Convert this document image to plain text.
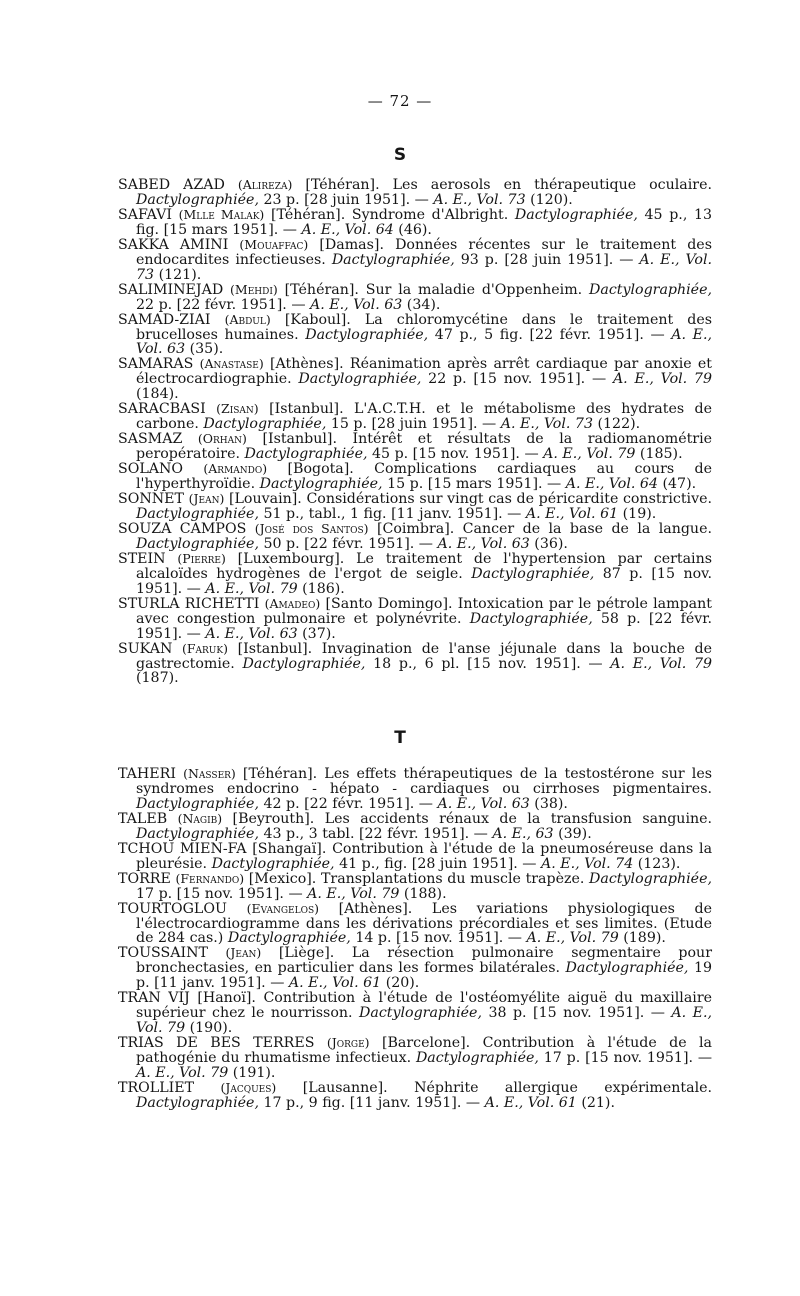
— 72 —
S
SABED AZAD (Alireza) [Téhéran]. Les aerosols en thérapeutique oculaire. Dactylographiée, 23 p. [28 juin 1951]. — A. E., Vol. 73 (120).
SAFAVI (Mlle Malak) [Téhéran]. Syndrome d'Albright. Dactylographiée, 45 p., 13 fig. [15 mars 1951]. — A. E., Vol. 64 (46).
SAKKA AMINI (Mouaffac) [Damas]. Données récentes sur le traitement des endocardites infectieuses. Dactylographiée, 93 p. [28 juin 1951]. — A. E., Vol. 73 (121).
SALIMINEJAD (Mehdi) [Téhéran]. Sur la maladie d'Oppenheim. Dactylographiée, 22 p. [22 févr. 1951]. — A. E., Vol. 63 (34).
SAMAD-ZIAI (Abdul) [Kaboul]. La chloromycétine dans le traitement des brucelloses humaines. Dactylographiée, 47 p., 5 fig. [22 févr. 1951]. — A. E., Vol. 63 (35).
SAMARAS (Anastase) [Athènes]. Réanimation après arrêt cardiaque par anoxie et électrocardiographie. Dactylographiée, 22 p. [15 nov. 1951]. — A. E., Vol. 79 (184).
SARACBASI (Zisan) [Istanbul]. L'A.C.T.H. et le métabolisme des hydrates de carbone. Dactylographiée, 15 p. [28 juin 1951]. — A. E., Vol. 73 (122).
SASMAZ (Orhan) [Istanbul]. Intérêt et résultats de la radiomanométrie peropératoire. Dactylographiée, 45 p. [15 nov. 1951]. — A. E., Vol. 79 (185).
SOLANO (Armando) [Bogota]. Complications cardiaques au cours de l'hyperthyroïdie. Dactylographiée, 15 p. [15 mars 1951]. — A. E., Vol. 64 (47).
SONNET (Jean) [Louvain]. Considérations sur vingt cas de péricardite constrictive. Dactylographiée, 51 p., tabl., 1 fig. [11 janv. 1951]. — A. E., Vol. 61 (19).
SOUZA CAMPOS (José dos Santos) [Coimbra]. Cancer de la base de la langue. Dactylographiée, 50 p. [22 févr. 1951]. — A. E., Vol. 63 (36).
STEIN (Pierre) [Luxembourg]. Le traitement de l'hypertension par certains alcaloïdes hydrogènes de l'ergot de seigle. Dactylographiée, 87 p. [15 nov. 1951]. — A. E., Vol. 79 (186).
STURLA RICHETTI (Amadeo) [Santo Domingo]. Intoxication par le pétrole lampant avec congestion pulmonaire et polynévrite. Dactylographiée, 58 p. [22 févr. 1951]. — A. E., Vol. 63 (37).
SUKAN (Faruk) [Istanbul]. Invagination de l'anse jéjunale dans la bouche de gastrectomie. Dactylographiée, 18 p., 6 pl. [15 nov. 1951]. — A. E., Vol. 79 (187).
T
TAHERI (Nasser) [Téhéran]. Les effets thérapeutiques de la testostérone sur les syndromes endocrino - hépato - cardiaques ou cirrhoses pigmentaires. Dactylographiée, 42 p. [22 févr. 1951]. — A. E., Vol. 63 (38).
TALEB (Nagib) [Beyrouth]. Les accidents rénaux de la transfusion sanguine. Dactylographiée, 43 p., 3 tabl. [22 févr. 1951]. — A. E., 63 (39).
TCHOU MIEN-FA [Shangaï]. Contribution à l'étude de la pneumoséreuse dans la pleurésie. Dactylographiée, 41 p., fig. [28 juin 1951]. — A. E., Vol. 74 (123).
TORRE (Fernando) [Mexico]. Transplantations du muscle trapèze. Dactylographiée, 17 p. [15 nov. 1951]. — A. E., Vol. 79 (188).
TOURTOGLOU (Evangelos) [Athènes]. Les variations physiologiques de l'électrocardiogramme dans les dérivations précordiales et ses limites. (Etude de 284 cas.) Dactylographiée, 14 p. [15 nov. 1951]. — A. E., Vol. 79 (189).
TOUSSAINT (Jean) [Liège]. La résection pulmonaire segmentaire pour bronchectasies, en particulier dans les formes bilatérales. Dactylographiée, 19 p. [11 janv. 1951]. — A. E., Vol. 61 (20).
TRAN VIJ [Hanoï]. Contribution à l'étude de l'ostéomyélite aiguë du maxillaire supérieur chez le nourrisson. Dactylographiée, 38 p. [15 nov. 1951]. — A. E., Vol. 79 (190).
TRIAS DE BES TERRES (Jorge) [Barcelone]. Contribution à l'étude de la pathogénie du rhumatisme infectieux. Dactylographiée, 17 p. [15 nov. 1951]. — A. E., Vol. 79 (191).
TROLLIET (Jacques) [Lausanne]. Néphrite allergique expérimentale. Dactylographiée, 17 p., 9 fig. [11 janv. 1951]. — A. E., Vol. 61 (21).
